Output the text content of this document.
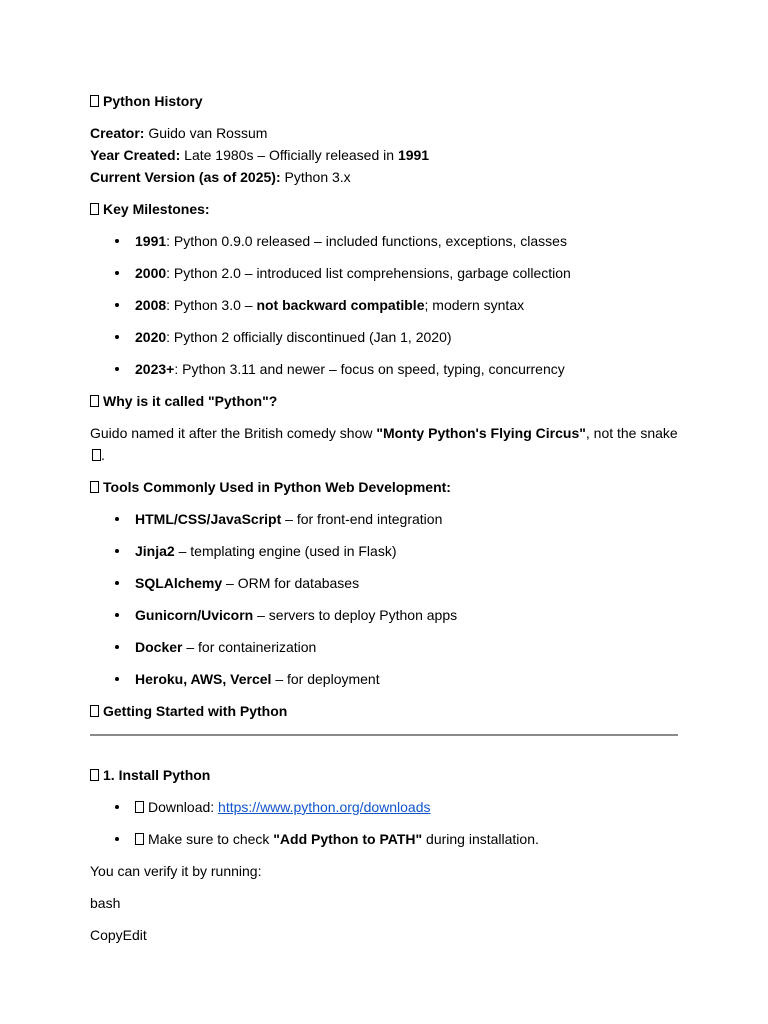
Python History

Creator: Guido van Rossum

Year Created: Late 1980s – Officially released in 1991

Current Version (as of 2025): Python 3.x

Key Milestones:

1991: Python 0.9.0 released – included functions, exceptions, classes
2000: Python 2.0 – introduced list comprehensions, garbage collection
2008: Python 3.0 – not backward compatible; modern syntax
2020: Python 2 officially discontinued (Jan 1, 2020)
2023+: Python 3.11 and newer – focus on speed, typing, concurrency

Why is it called "Python"?

Guido named it after the British comedy show "Monty Python's Flying Circus", not the snake .

Tools Commonly Used in Python Web Development:

HTML/CSS/JavaScript – for front-end integration
Jinja2 – templating engine (used in Flask)
SQLAlchemy – ORM for databases
Gunicorn/Uvicorn – servers to deploy Python apps
Docker – for containerization
Heroku, AWS, Vercel – for deployment

Getting Started with Python

1. Install Python

Download: https://www.python.org/downloads
Make sure to check "Add Python to PATH" during installation.

You can verify it by running:

bash

CopyEdit
